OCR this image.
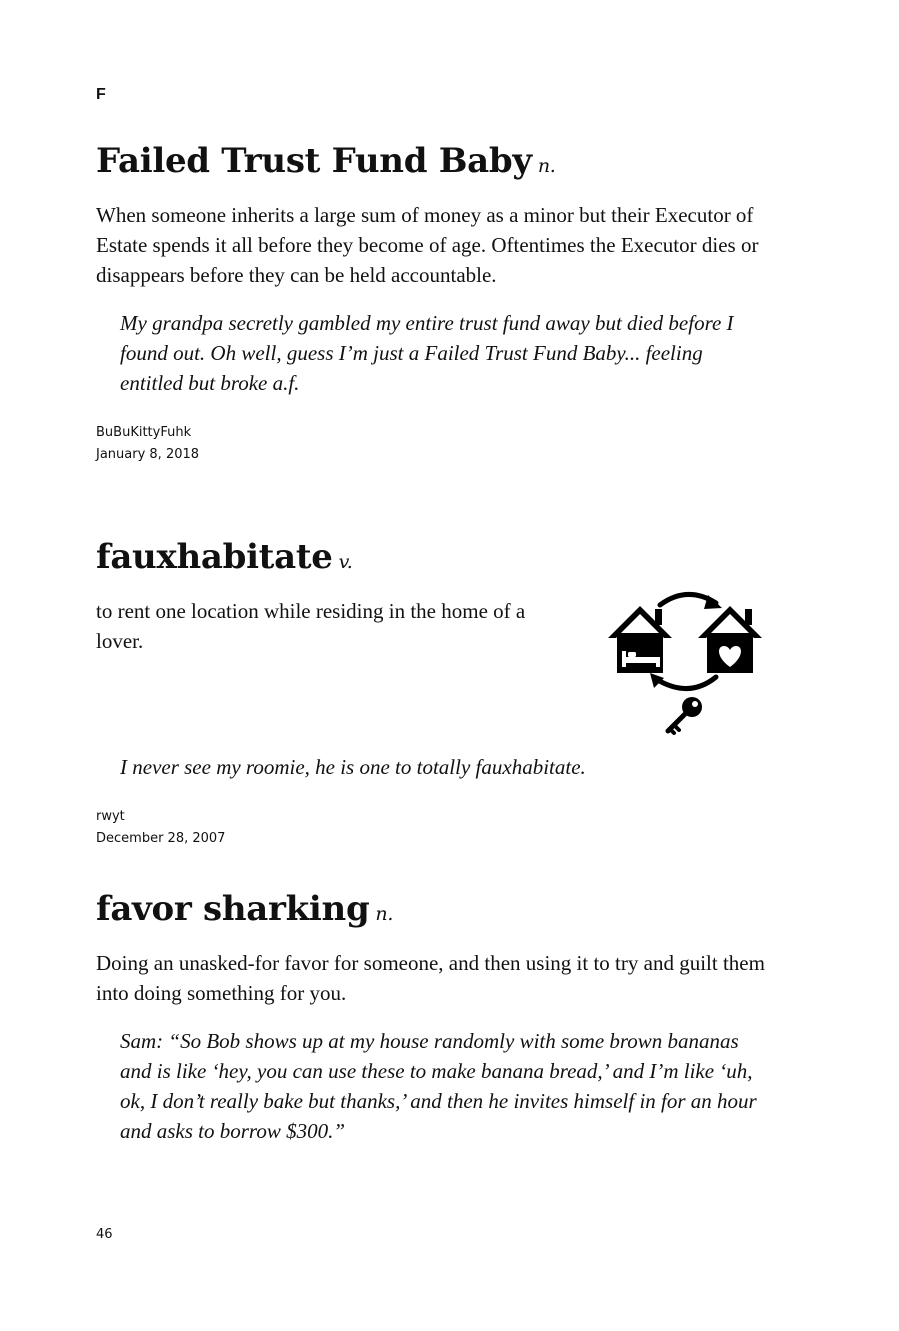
F
Failed Trust Fund Baby n.

When someone inherits a large sum of money as a minor but their Executor of Estate spends it all before they become of age. Oftentimes the Executor dies or disappears before they can be held accountable.

My grandpa secretly gambled my entire trust fund away but died before I found out. Oh well, guess I’m just a Failed Trust Fund Baby... feeling entitled but broke a.f.

BuBuKittyFuhk
January 8, 2018
fauxhabitate v.

to rent one location while residing in the home of a lover.

I never see my roomie, he is one to totally fauxhabitate.

rwyt
December 28, 2007
favor sharking n.

Doing an unasked-for favor for someone, and then using it to try and guilt them into doing something for you.

Sam: “So Bob shows up at my house randomly with some brown bananas and is like ‘hey, you can use these to make banana bread,’ and I’m like ‘uh, ok, I don’t really bake but thanks,’ and then he invites himself in for an hour and asks to borrow $300.”

46
